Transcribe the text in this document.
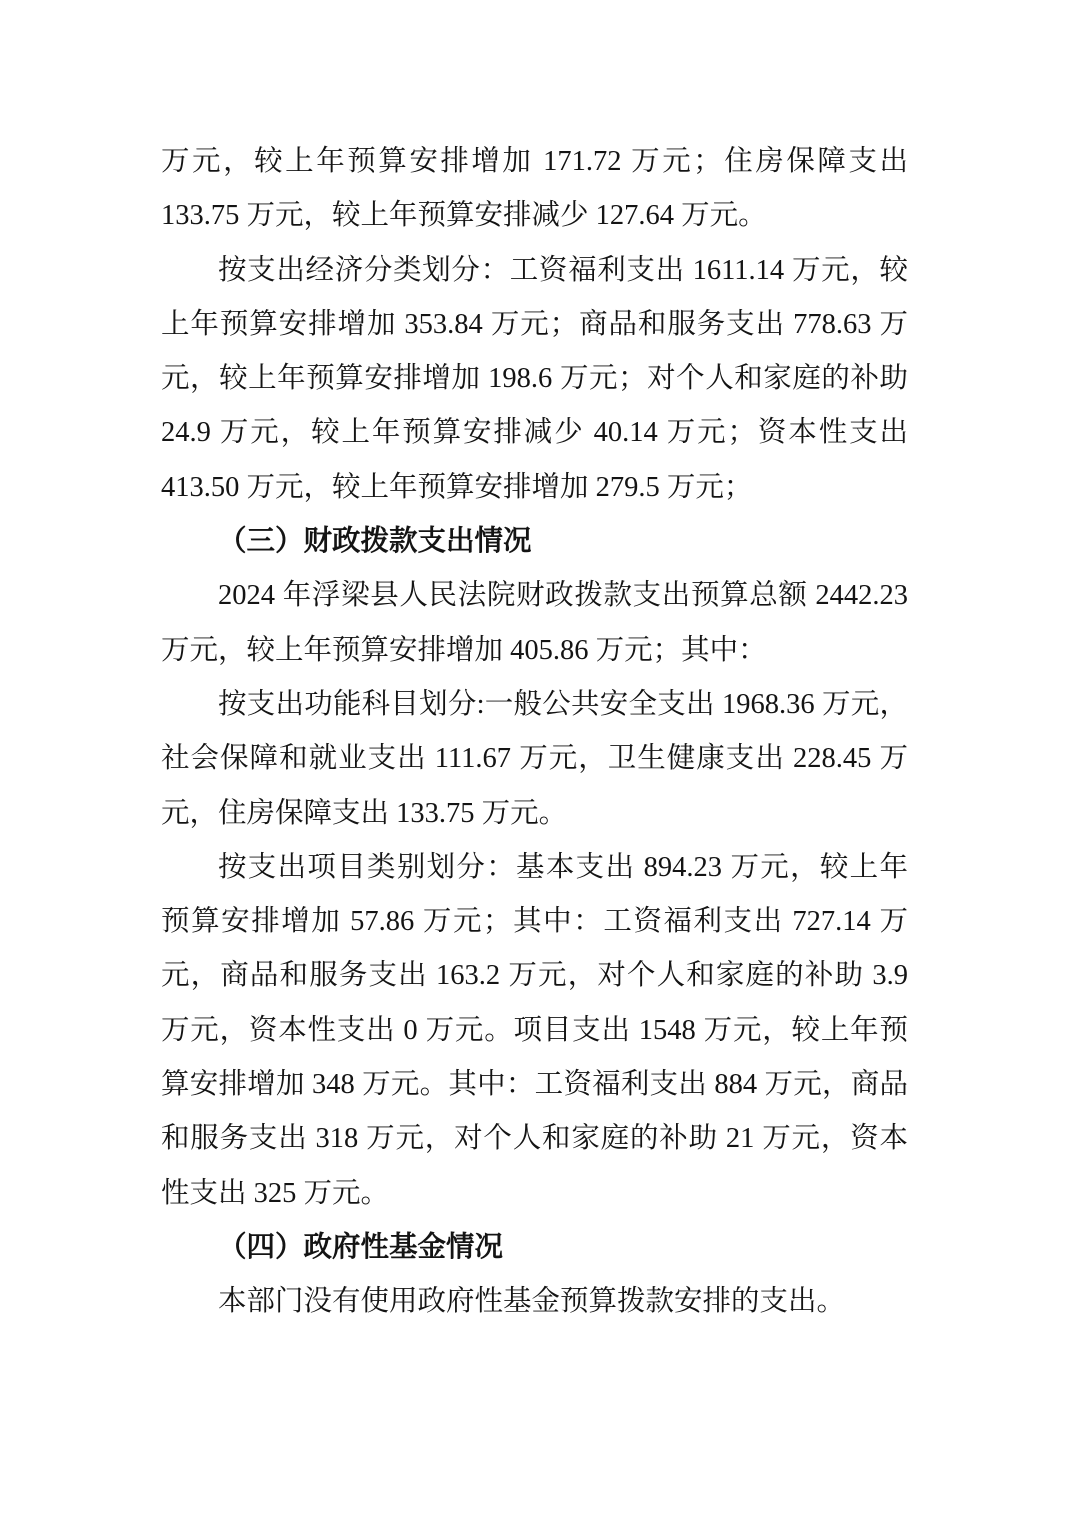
万元，较上年预算安排增加 171.72 万元；住房保障支出
133.75 万元，较上年预算安排减少 127.64 万元。
按支出经济分类划分：工资福利支出 1611.14 万元，较
上年预算安排增加 353.84 万元；商品和服务支出 778.63 万
元，较上年预算安排增加 198.6 万元；对个人和家庭的补助
24.9 万元，较上年预算安排减少 40.14 万元；资本性支出
413.50 万元，较上年预算安排增加 279.5 万元；
（三）财政拨款支出情况
2024 年浮梁县人民法院财政拨款支出预算总额 2442.23
万元，较上年预算安排增加 405.86 万元；其中：
按支出功能科目划分:一般公共安全支出 1968.36 万元，
社会保障和就业支出 111.67 万元，卫生健康支出 228.45 万
元，住房保障支出 133.75 万元。
按支出项目类别划分：基本支出 894.23 万元，较上年
预算安排增加 57.86 万元；其中：工资福利支出 727.14 万
元，商品和服务支出 163.2 万元，对个人和家庭的补助 3.9
万元，资本性支出 0 万元。项目支出 1548 万元，较上年预
算安排增加 348 万元。其中：工资福利支出 884 万元，商品
和服务支出 318 万元，对个人和家庭的补助 21 万元，资本
性支出 325 万元。
（四）政府性基金情况
本部门没有使用政府性基金预算拨款安排的支出。
